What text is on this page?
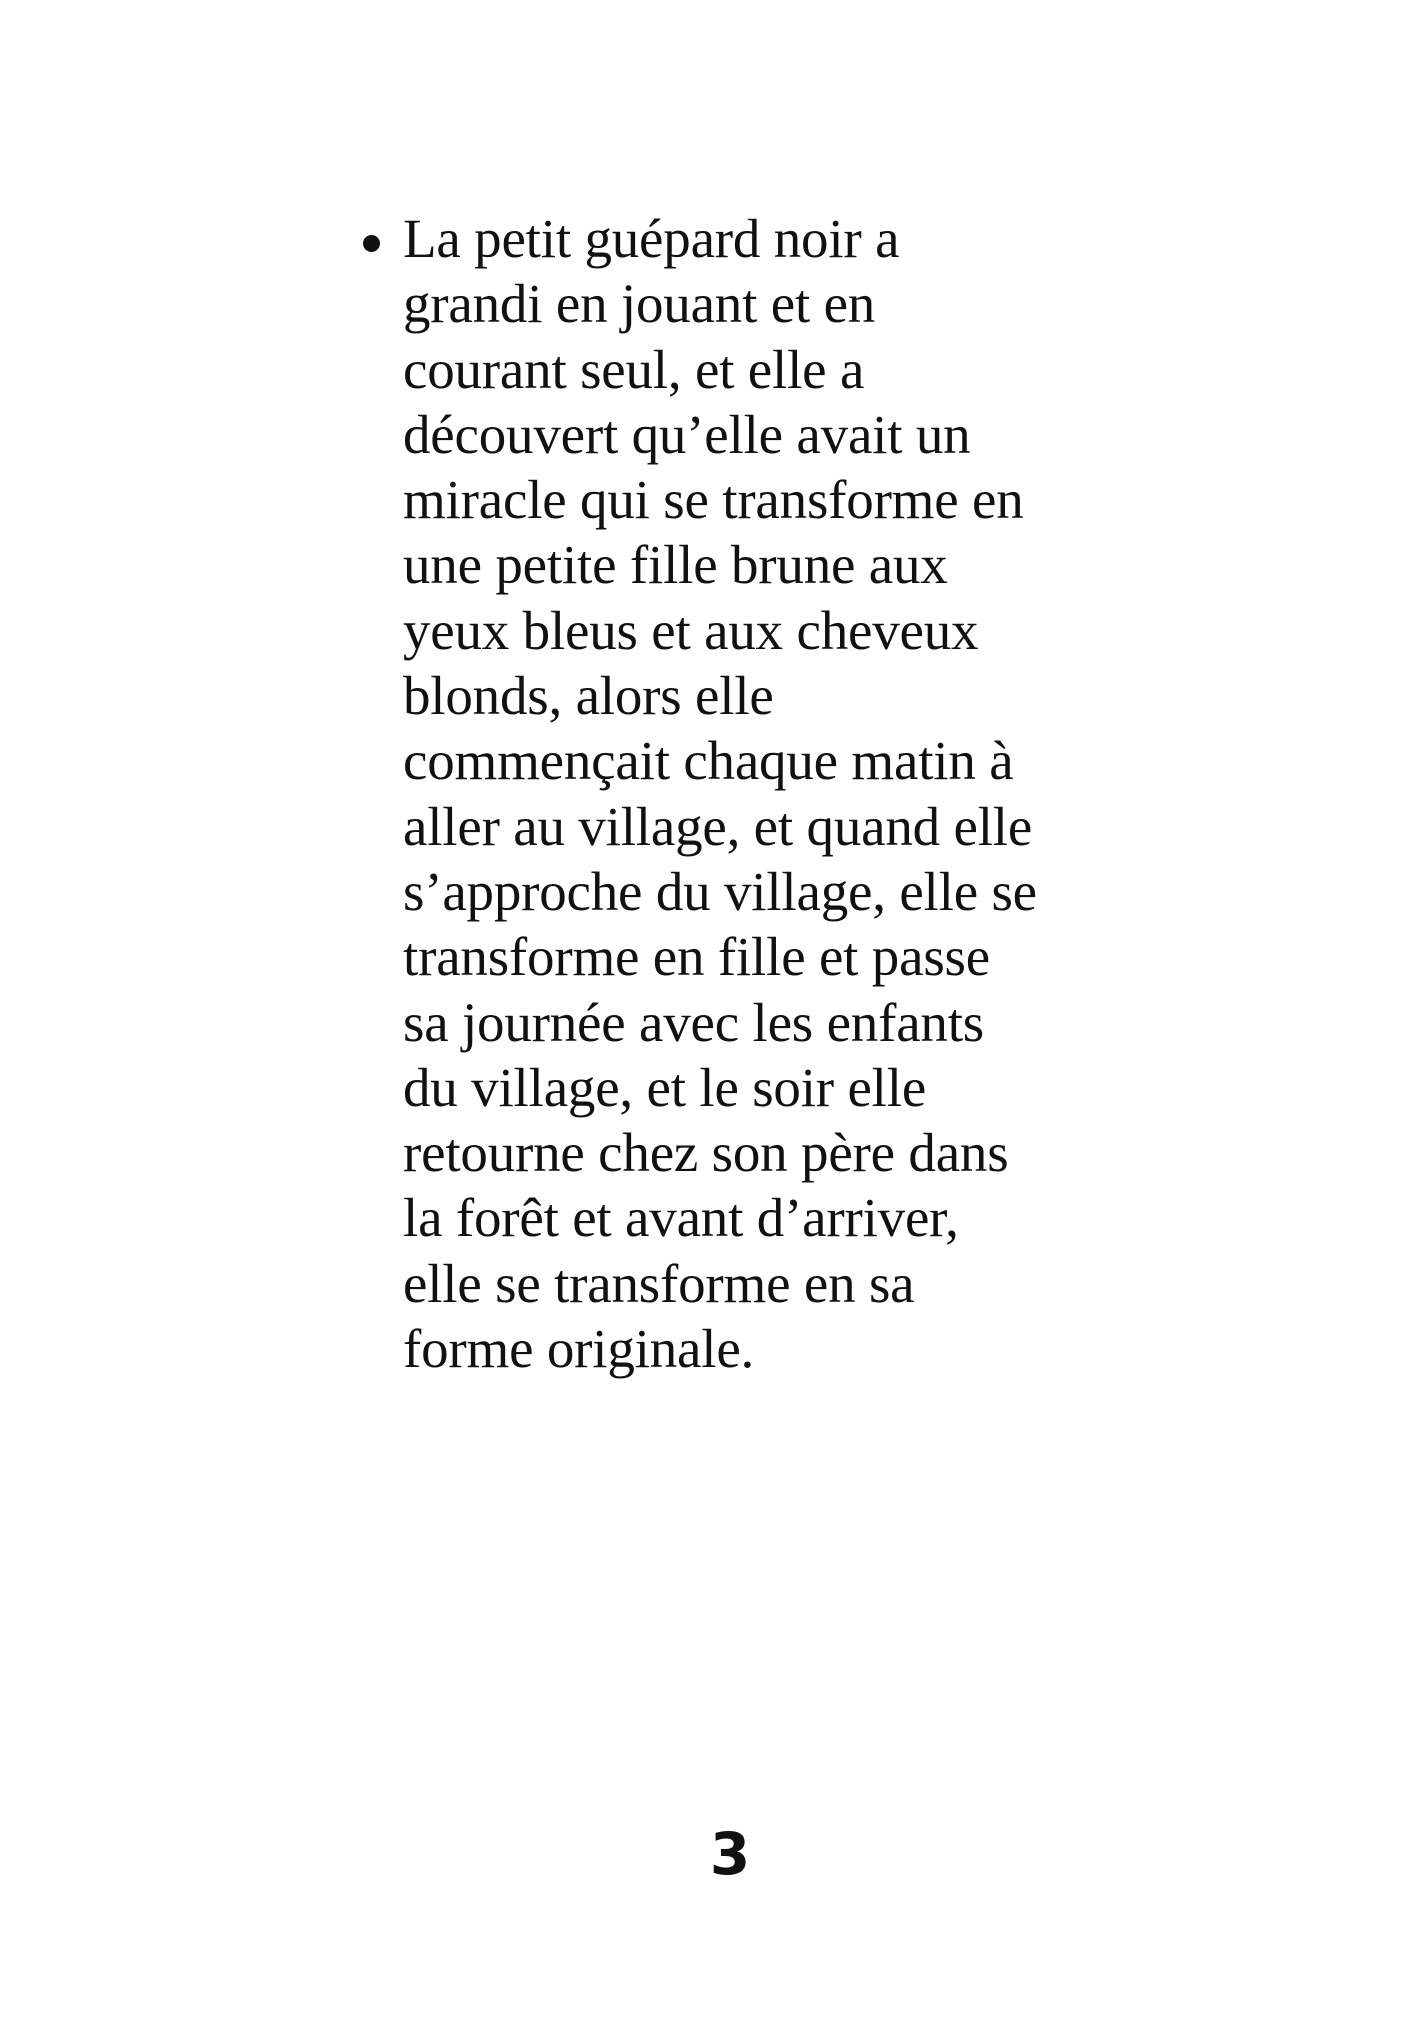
La petit guépard noir a
grandi en jouant et en
courant seul, et elle a
découvert qu’elle avait un
miracle qui se transforme en
une petite fille brune aux
yeux bleus et aux cheveux
blonds, alors elle
commençait chaque matin à
aller au village, et quand elle
s’approche du village, elle se
transforme en fille et passe
sa journée avec les enfants
du village, et le soir elle
retourne chez son père dans
la forêt et avant d’arriver,
elle se transforme en sa
forme originale.
3
